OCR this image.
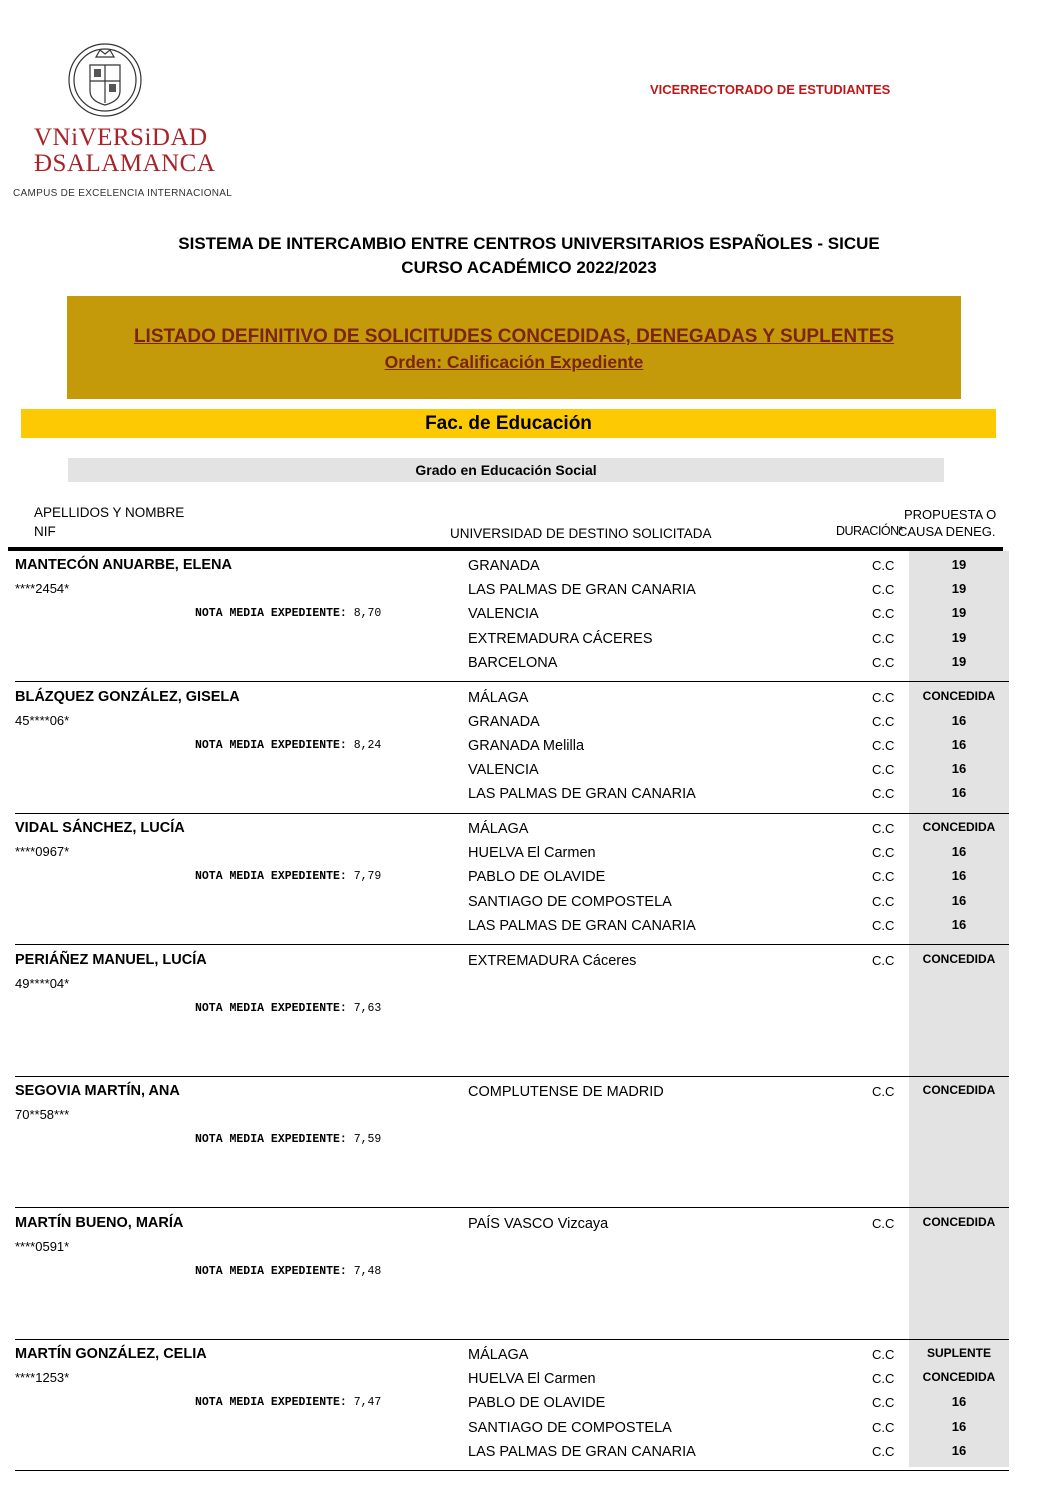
VNiVERSiDAD
ÐSALAMANCA
CAMPUS DE EXCELENCIA INTERNACIONAL
VICERRECTORADO DE ESTUDIANTES
SISTEMA DE INTERCAMBIO ENTRE CENTROS UNIVERSITARIOS ESPAÑOLES - SICUE
CURSO ACADÉMICO 2022/2023
LISTADO DEFINITIVO DE SOLICITUDES CONCEDIDAS, DENEGADAS Y SUPLENTES
Orden: Calificación Expediente
Fac. de Educación
Grado en Educación Social
APELLIDOS Y NOMBRE
NIF	UNIVERSIDAD DE DESTINO SOLICITADA	DURACIÓN*
PROPUESTA O
CAUSA DENEG.
MANTECÓN ANUARBE, ELENA
****2454*
NOTA MEDIA EXPEDIENTE: 8,70
GRANADA	C.C	19
LAS PALMAS DE GRAN CANARIA	C.C	19
VALENCIA	C.C	19
EXTREMADURA CÁCERES	C.C	19
BARCELONA	C.C	19
BLÁZQUEZ GONZÁLEZ, GISELA
45****06*
NOTA MEDIA EXPEDIENTE: 8,24
MÁLAGA	C.C	CONCEDIDA
GRANADA	C.C	16
GRANADA Melilla	C.C	16
VALENCIA	C.C	16
LAS PALMAS DE GRAN CANARIA	C.C	16
VIDAL SÁNCHEZ, LUCÍA
****0967*
NOTA MEDIA EXPEDIENTE: 7,79
MÁLAGA	C.C	CONCEDIDA
HUELVA El Carmen	C.C	16
PABLO DE OLAVIDE	C.C	16
SANTIAGO DE COMPOSTELA	C.C	16
LAS PALMAS DE GRAN CANARIA	C.C	16
PERIÁÑEZ MANUEL, LUCÍA
49****04*
NOTA MEDIA EXPEDIENTE: 7,63
EXTREMADURA Cáceres	C.C	CONCEDIDA
SEGOVIA MARTÍN, ANA
70**58***
NOTA MEDIA EXPEDIENTE: 7,59
COMPLUTENSE DE MADRID	C.C	CONCEDIDA
MARTÍN BUENO, MARÍA
****0591*
NOTA MEDIA EXPEDIENTE: 7,48
PAÍS VASCO Vizcaya	C.C	CONCEDIDA
MARTÍN GONZÁLEZ, CELIA
****1253*
NOTA MEDIA EXPEDIENTE: 7,47
MÁLAGA	C.C	SUPLENTE
HUELVA El Carmen	C.C	CONCEDIDA
PABLO DE OLAVIDE	C.C	16
SANTIAGO DE COMPOSTELA	C.C	16
LAS PALMAS DE GRAN CANARIA	C.C	16
